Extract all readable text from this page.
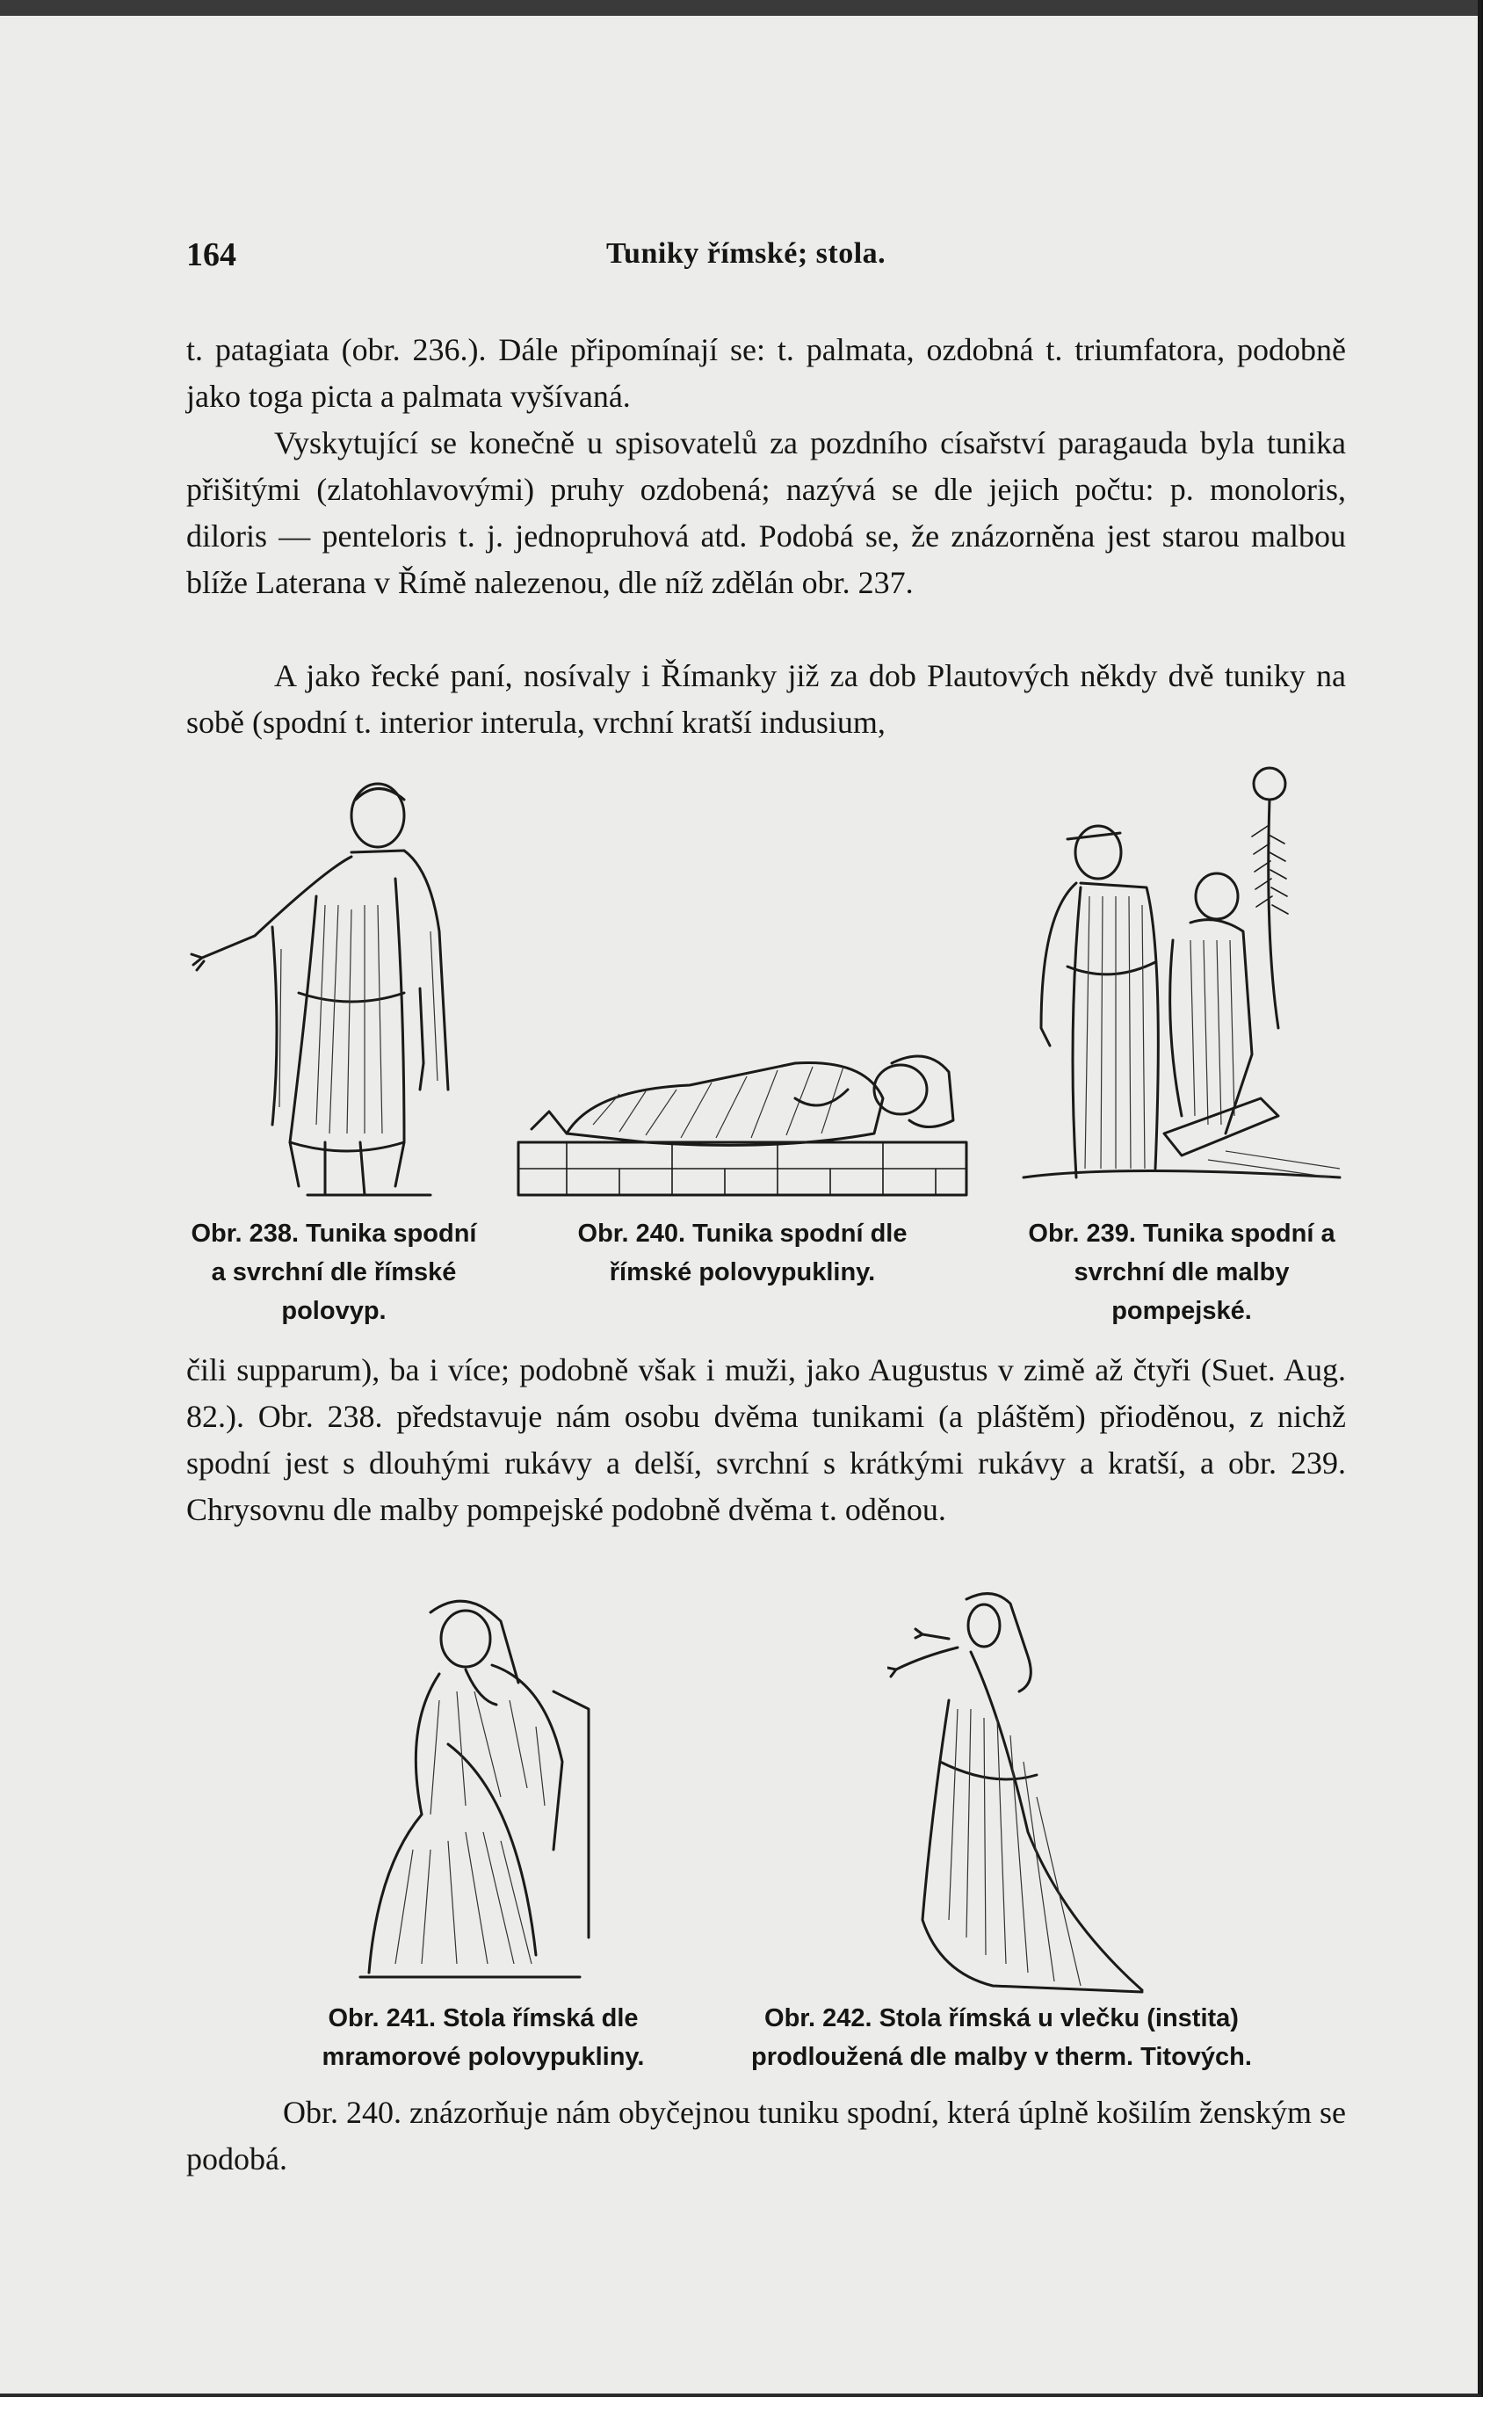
164	Tuniky římské; stola.

t. patagiata (obr. 236.). Dále připomínají se: t. palmata, ozdobná t. triumfatora, podobně jako toga picta a palmata vyšívaná.

Vyskytující se konečně u spisovatelů za pozdního císařství paragauda byla tunika přišitými (zlatohlavovými) pruhy ozdobená; nazývá se dle jejich počtu: p. monoloris, diloris — penteloris t. j. jednopruhová atd. Podobá se, že znázorněna jest starou malbou blíže Laterana v Římě nalezenou, dle níž zdělán obr. 237.

A jako řecké paní, nosívaly i Římanky již za dob Plautových někdy dvě tuniky na sobě (spodní t. interior interula, vrchní kratší indusium,

Obr. 238. Tunika spodní a svrchní dle římské polovyp.

Obr. 240. Tunika spodní dle římské polovypukliny.

Obr. 239. Tunika spodní a svrchní dle malby pompejské.

čili supparum), ba i více; podobně však i muži, jako Augustus v zimě až čtyři (Suet. Aug. 82.). Obr. 238. představuje nám osobu dvěma tunikami (a pláštěm) přioděnou, z nichž spodní jest s dlouhými rukávy a delší, svrchní s krátkými rukávy a kratší, a obr. 239. Chrysovnu dle malby pompejské podobně dvěma t. oděnou.

Obr. 241. Stola římská dle mramorové polovypukliny.

Obr. 242. Stola římská u vlečku (instita) prodloužená dle malby v therm. Titových.

Obr. 240. znázorňuje nám obyčejnou tuniku spodní, která úplně košilím ženským se podobá.
